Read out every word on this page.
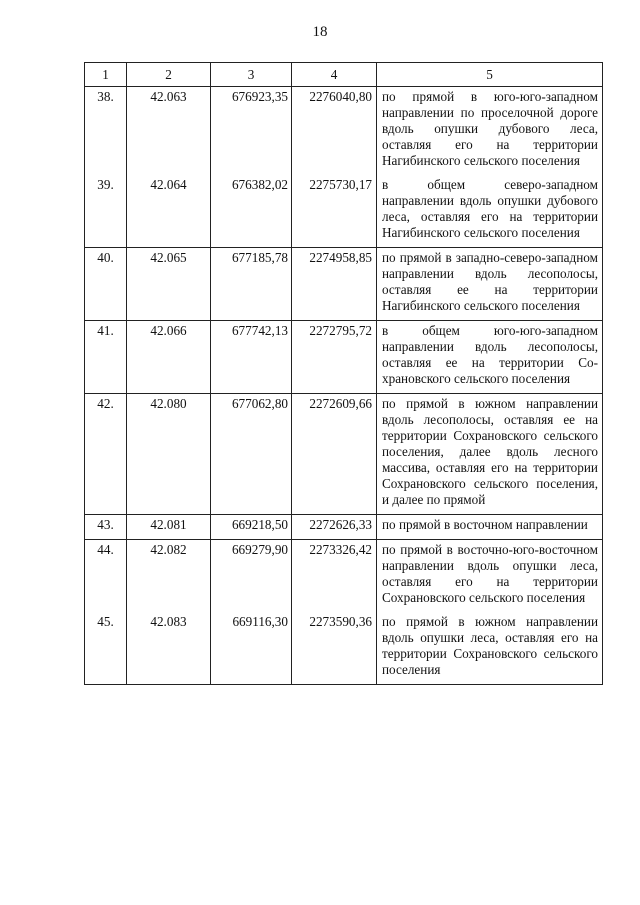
18
1	2	3	4	5
38.	42.063	676923,35	2276040,80	по прямой в юго-юго-западном направлении по проселочной дороге вдоль опушки дубового леса, оставляя его на территории Нагибинского сельского поселения
39.	42.064	676382,02	2275730,17	в общем северо-западном направлении вдоль опушки дубового леса, оставляя его на территории Нагибинского сельского поселения
40.	42.065	677185,78	2274958,85	по прямой в западно-северо-западном направлении вдоль лесополосы, оставляя ее на территории Нагибинского сельского поселения
41.	42.066	677742,13	2272795,72	в общем юго-юго-западном направлении вдоль лесополосы, оставляя ее на территории Сохрановского сельского поселения
42.	42.080	677062,80	2272609,66	по прямой в южном направлении вдоль лесополосы, оставляя ее на территории Сохрановского сельского поселения, далее вдоль лесного массива, оставляя его на территории Сохрановского сельского поселения, и далее по прямой
43.	42.081	669218,50	2272626,33	по прямой в восточном направлении
44.	42.082	669279,90	2273326,42	по прямой в восточно-юго-восточном направлении вдоль опушки леса, оставляя его на территории Сохрановского сельского поселения
45.	42.083	669116,30	2273590,36	по прямой в южном направлении вдоль опушки леса, оставляя его на территории Сохрановского сельского поселения
